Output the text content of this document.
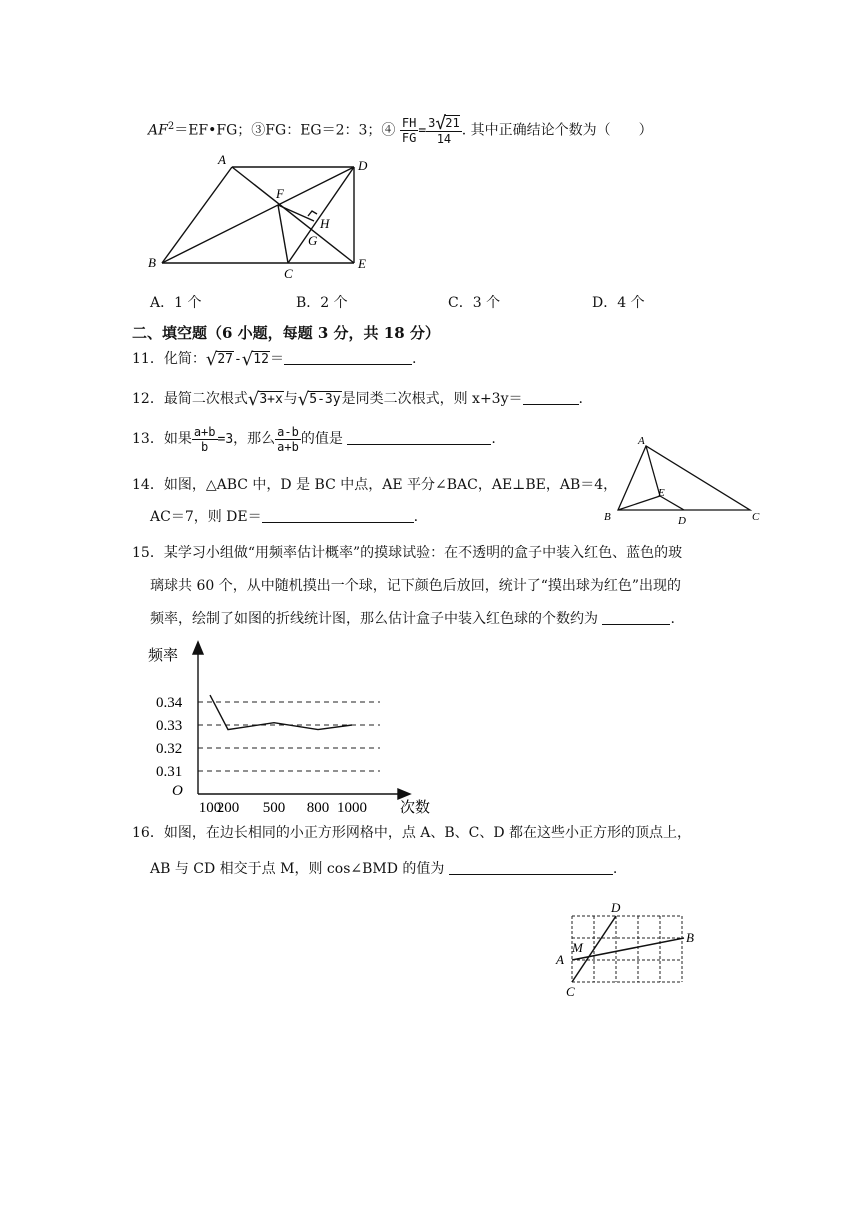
$AF^2=EF•FG$；③FG：EG＝2：3；④ $\frac{FH}{FG} = \frac{3√21}{14}$ . 其中正确结论个数为（　　）
A	D
F
H
G
B
C
E
A．1 个	B．2 个	C．3 个	D．4 个
二、填空题（6 小题，每题 3 分，共 18 分）
11．化简：√27-√12＝	.
12．最简二次根式√3+x与√5-3y是同类二次根式，则 x+3y＝	.
13．如果 $\frac{a+b}{b} =3$，那么 $\frac{a-b}{a+b}$ 的值是	.
14．如图，△ABC 中，D 是 BC 中点，AE 平分∠BAC，AE⊥BE，AB＝4，
AC＝7，则 DE＝	.
A
B	C
D
E
15．某学习小组做“用频率估计概率”的摸球试验：在不透明的盒子中装入红色、蓝色的玻
璃球共 60 个，从中随机摸出一个球，记下颜色后放回，统计了“摸出球为红色”出现的
频率，绘制了如图的折线统计图，那么估计盒子中装入红色球的个数约为	.
频率
次数
O
0.34
0.33
0.32
0.31
100
200 500 800 1000
16．如图，在边长相同的小正方形网格中，点 A、B、C、D 都在这些小正方形的顶点上，
AB 与 CD 相交于点 M，则 cos∠BMD 的值为	.
A
B
C
D
M
